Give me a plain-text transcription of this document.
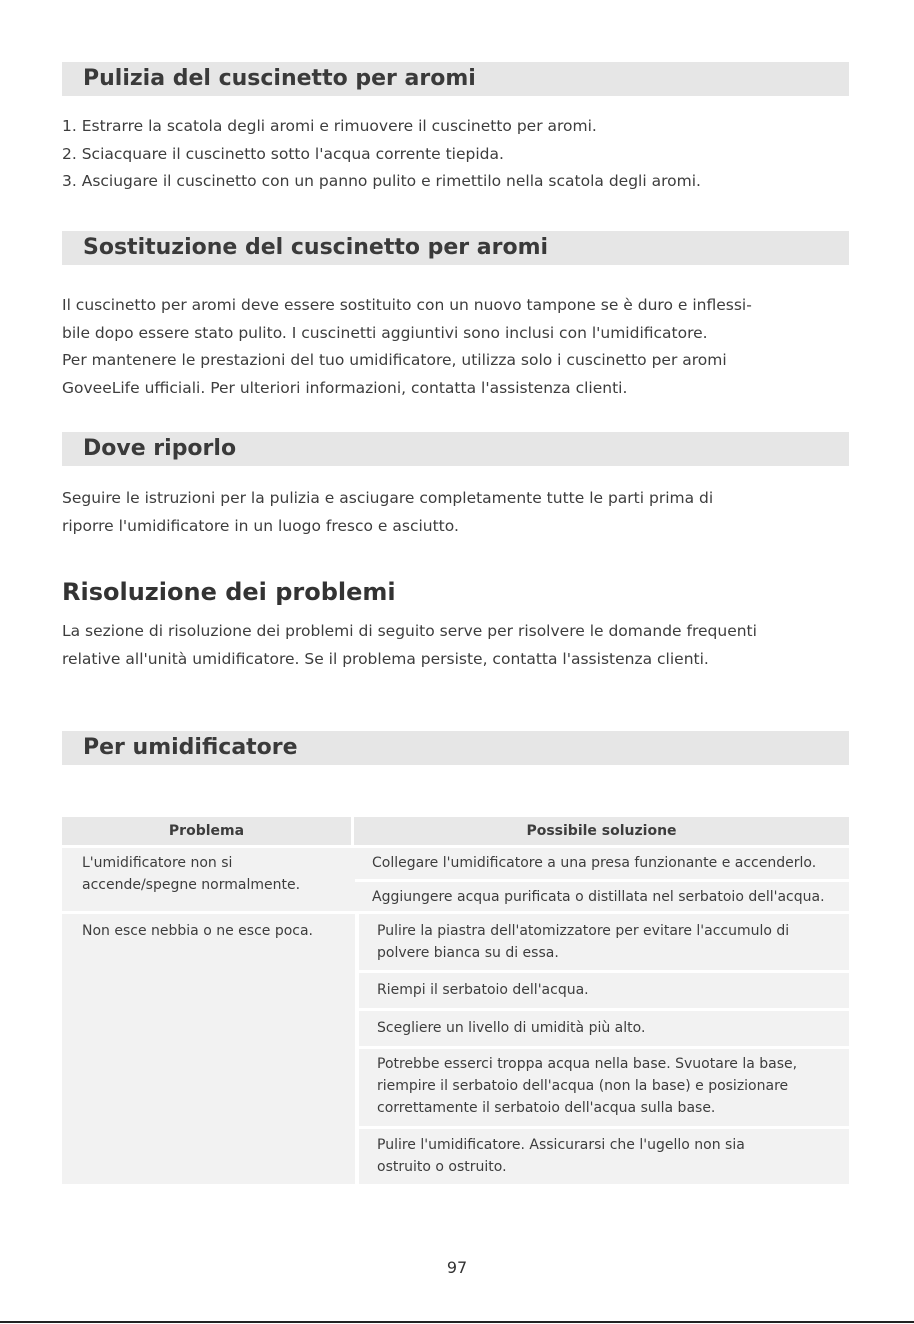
Pulizia del cuscinetto per aromi
1. Estrarre la scatola degli aromi e rimuovere il cuscinetto per aromi.
2. Sciacquare il cuscinetto sotto l'acqua corrente tiepida.
3. Asciugare il cuscinetto con un panno pulito e rimettilo nella scatola degli aromi.
Sostituzione del cuscinetto per aromi
Il cuscinetto per aromi deve essere sostituito con un nuovo tampone se è duro e inflessi-
bile dopo essere stato pulito. I cuscinetti aggiuntivi sono inclusi con l'umidificatore.
Per mantenere le prestazioni del tuo umidificatore, utilizza solo i cuscinetto per aromi
GoveeLife ufficiali. Per ulteriori informazioni, contatta l'assistenza clienti.
Dove riporlo
Seguire le istruzioni per la pulizia e asciugare completamente tutte le parti prima di
riporre l'umidificatore in un luogo fresco e asciutto.
Risoluzione dei problemi
La sezione di risoluzione dei problemi di seguito serve per risolvere le domande frequenti
relative all'unità umidificatore. Se il problema persiste, contatta l'assistenza clienti.
Per umidificatore
Problema	Possibile soluzione
L'umidificatore non si
accende/spegne normalmente.
Collegare l'umidificatore a una presa funzionante e accenderlo.
Aggiungere acqua purificata o distillata nel serbatoio dell'acqua.
Non esce nebbia o ne esce poca.	Pulire la piastra dell'atomizzatore per evitare l'accumulo di
polvere bianca su di essa.
Riempi il serbatoio dell'acqua.
Scegliere un livello di umidità più alto.
Potrebbe esserci troppa acqua nella base. Svuotare la base,
riempire il serbatoio dell'acqua (non la base) e posizionare
correttamente il serbatoio dell'acqua sulla base.
Pulire l'umidificatore. Assicurarsi che l'ugello non sia
ostruito o ostruito.
97
